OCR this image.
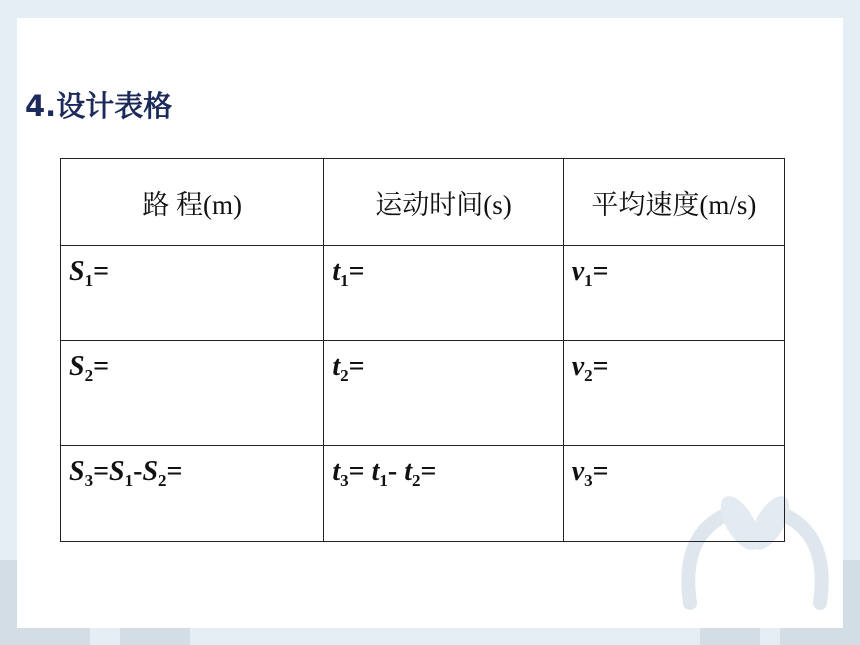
4.设计表格
路 程(m)	运动时间(s)	平均速度(m/s)

$S_1=$	$t_1=$	$v_1=$

$S_2=$	$t_2=$	$v_2=$

$S_3=S_1-S_2=$	$t_3= t_1-$ $t_2=$	$v_3=$
